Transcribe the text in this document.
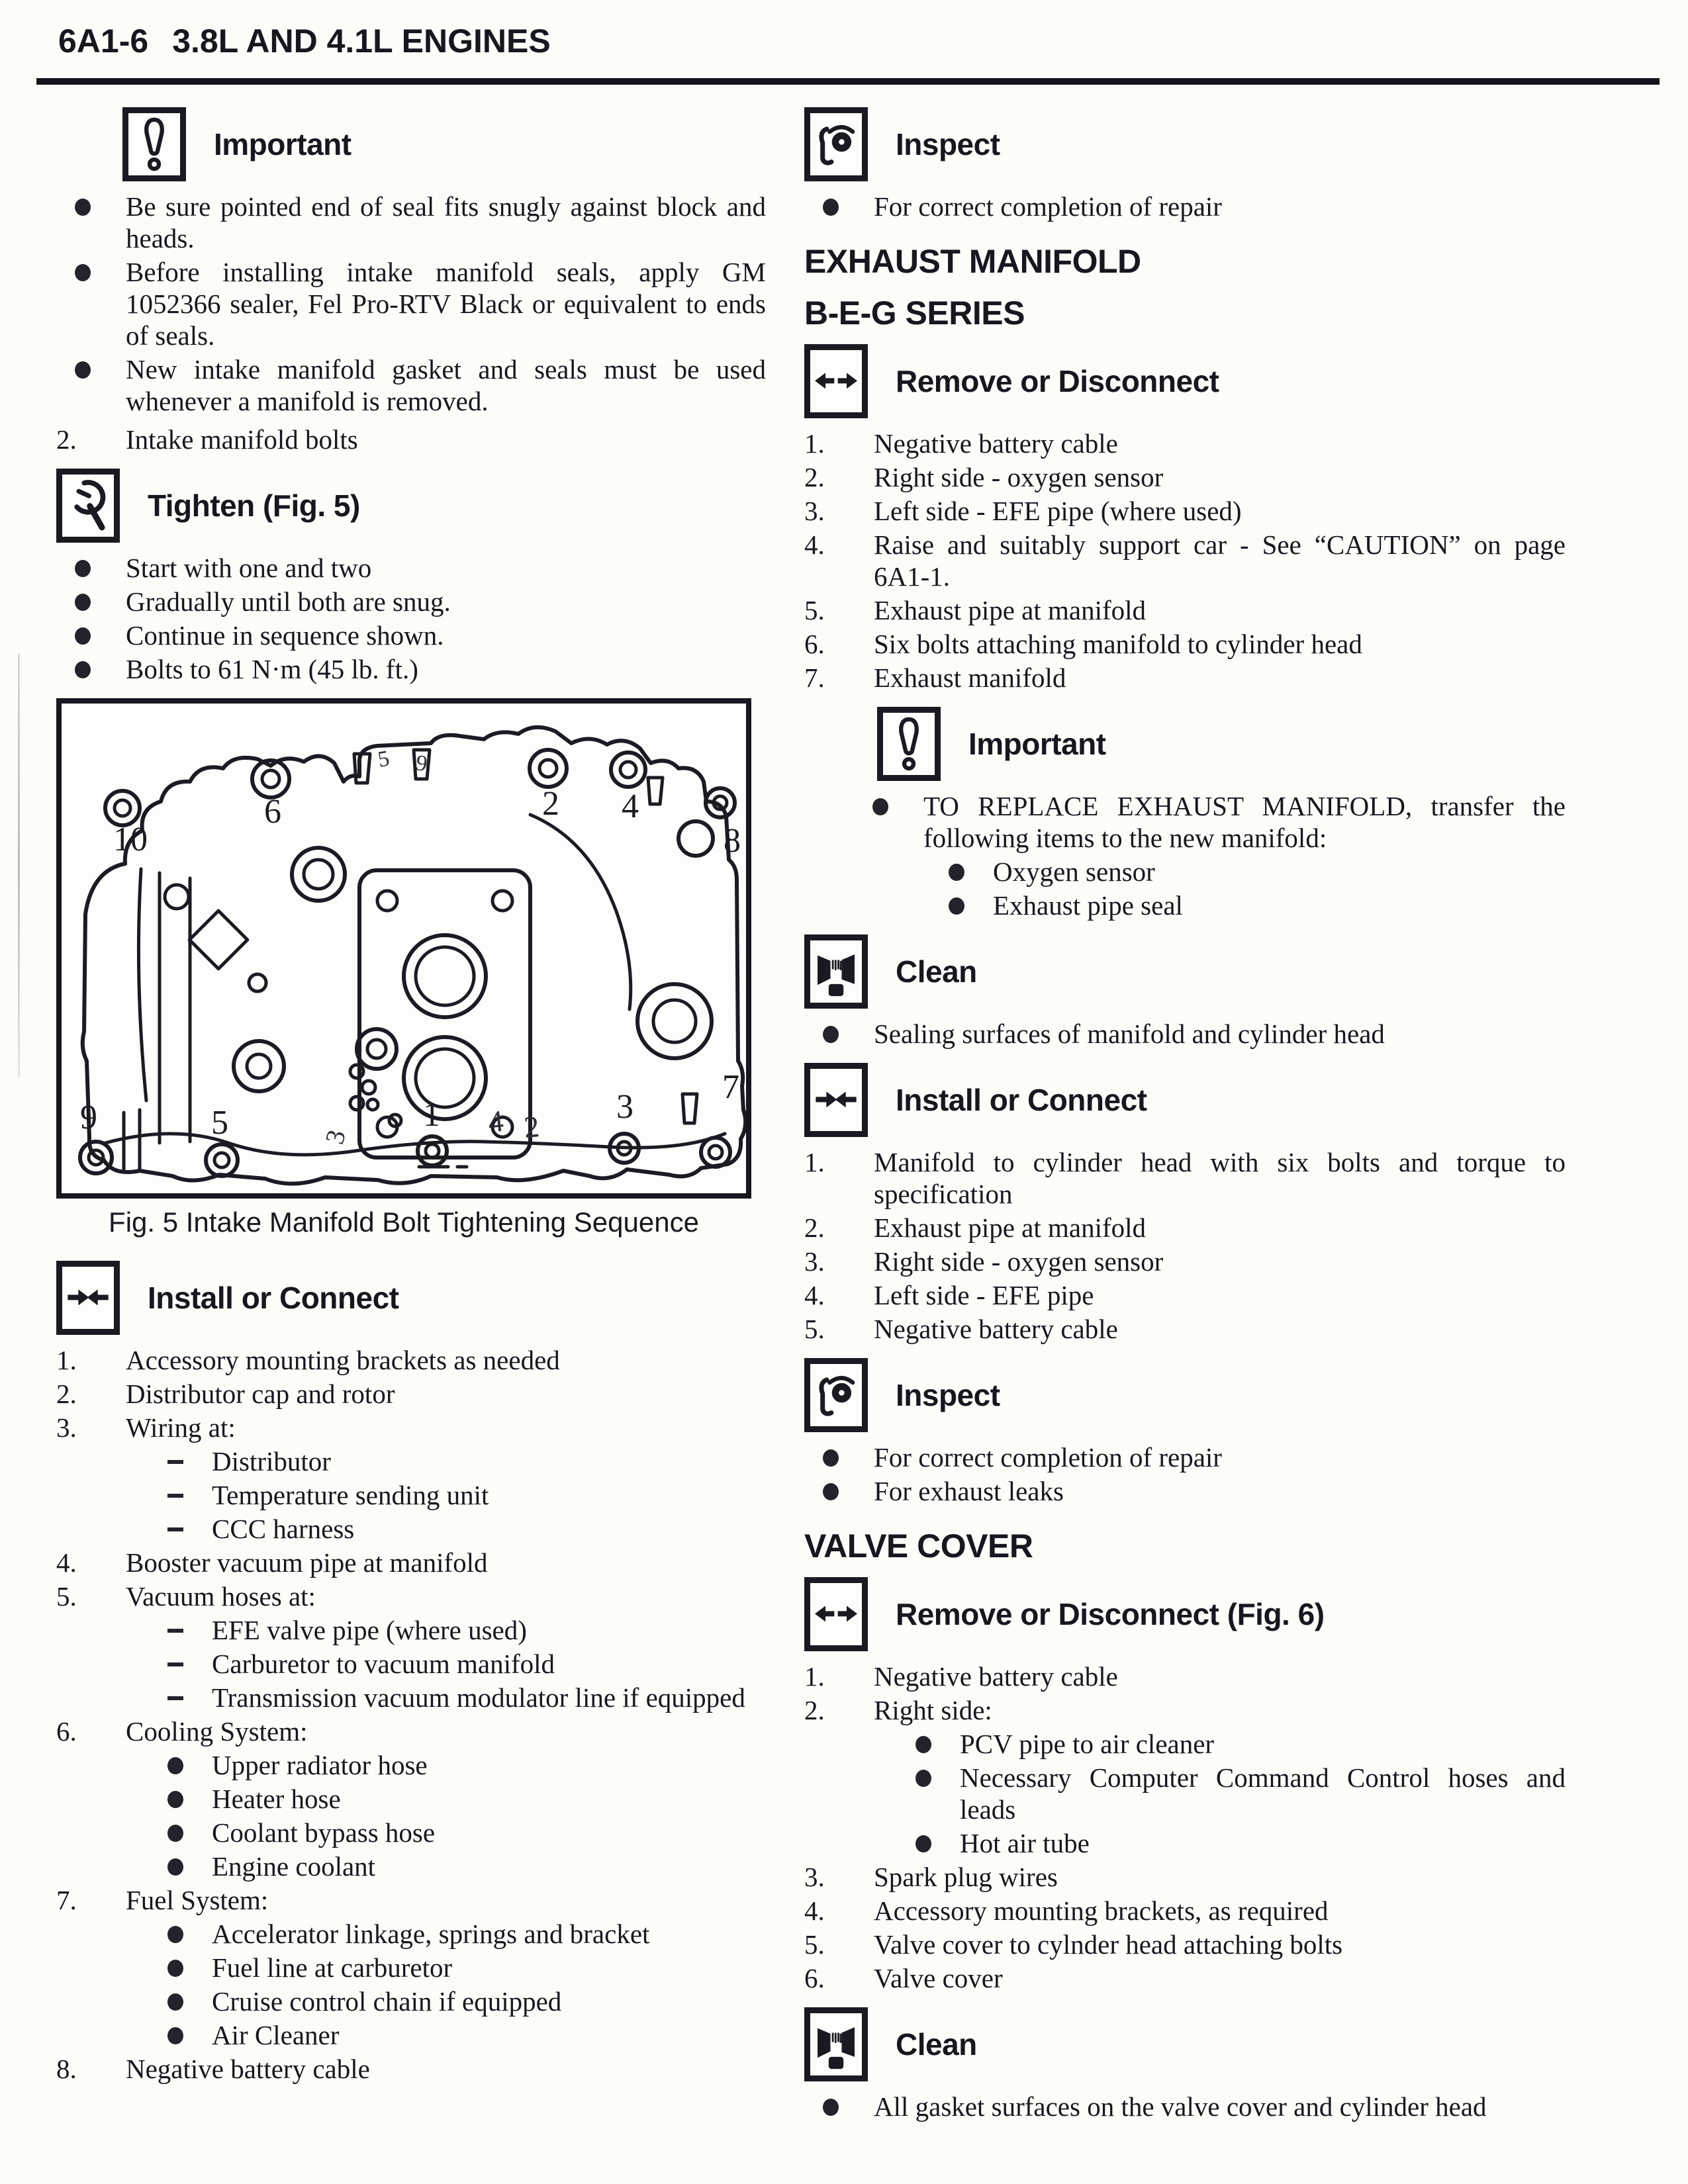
6A1-6 3.8L AND 4.1L ENGINES
Important
Be sure pointed end of seal fits snugly against block and heads.
Before installing intake manifold seals, apply GM 1052366 sealer, Fel Pro-RTV Black or equivalent to ends of seals.
New intake manifold gasket and seals must be used whenever a manifold is removed.
2.	Intake manifold bolts
Tighten (Fig. 5)
Start with one and two
Gradually until both are snug.
Continue in sequence shown.
Bolts to 61 N·m (45 lb. ft.)
10
6	2 4
8
9	5	1	3
7
5 9
3	4 2
Fig. 5 Intake Manifold Bolt Tightening Sequence
Install or Connect
1.	Accessory mounting brackets as needed
2.	Distributor cap and rotor
3.	Wiring at:
Distributor
Temperature sending unit
CCC harness
4.	Booster vacuum pipe at manifold
5.	Vacuum hoses at:
EFE valve pipe (where used)
Carburetor to vacuum manifold
Transmission vacuum modulator line if equipped
6.	Cooling System:
Upper radiator hose
Heater hose
Coolant bypass hose
Engine coolant
7.	Fuel System:
Accelerator linkage, springs and bracket
Fuel line at carburetor
Cruise control chain if equipped
Air Cleaner
8.	Negative battery cable
Inspect
For correct completion of repair
EXHAUST MANIFOLD
B-E-G SERIES
Remove or Disconnect
1.	Negative battery cable
2.	Right side - oxygen sensor
3.	Left side - EFE pipe (where used)
4.	Raise and suitably support car - See “CAUTION” on page 6A1-1.
5.	Exhaust pipe at manifold
6.	Six bolts attaching manifold to cylinder head
7.	Exhaust manifold
Important
TO REPLACE EXHAUST MANIFOLD, transfer the following items to the new manifold:
Oxygen sensor
Exhaust pipe seal
Clean
Sealing surfaces of manifold and cylinder head
Install or Connect
1.	Manifold to cylinder head with six bolts and torque to specification
2.	Exhaust pipe at manifold
3.	Right side - oxygen sensor
4.	Left side - EFE pipe
5.	Negative battery cable
Inspect
For correct completion of repair
For exhaust leaks
VALVE COVER
Remove or Disconnect (Fig. 6)
1.	Negative battery cable
2.	Right side:
PCV pipe to air cleaner
Necessary Computer Command Control hoses and leads
Hot air tube
3.	Spark plug wires
4.	Accessory mounting brackets, as required
5.	Valve cover to cylnder head attaching bolts
6.	Valve cover
Clean
All gasket surfaces on the valve cover and cylinder head
